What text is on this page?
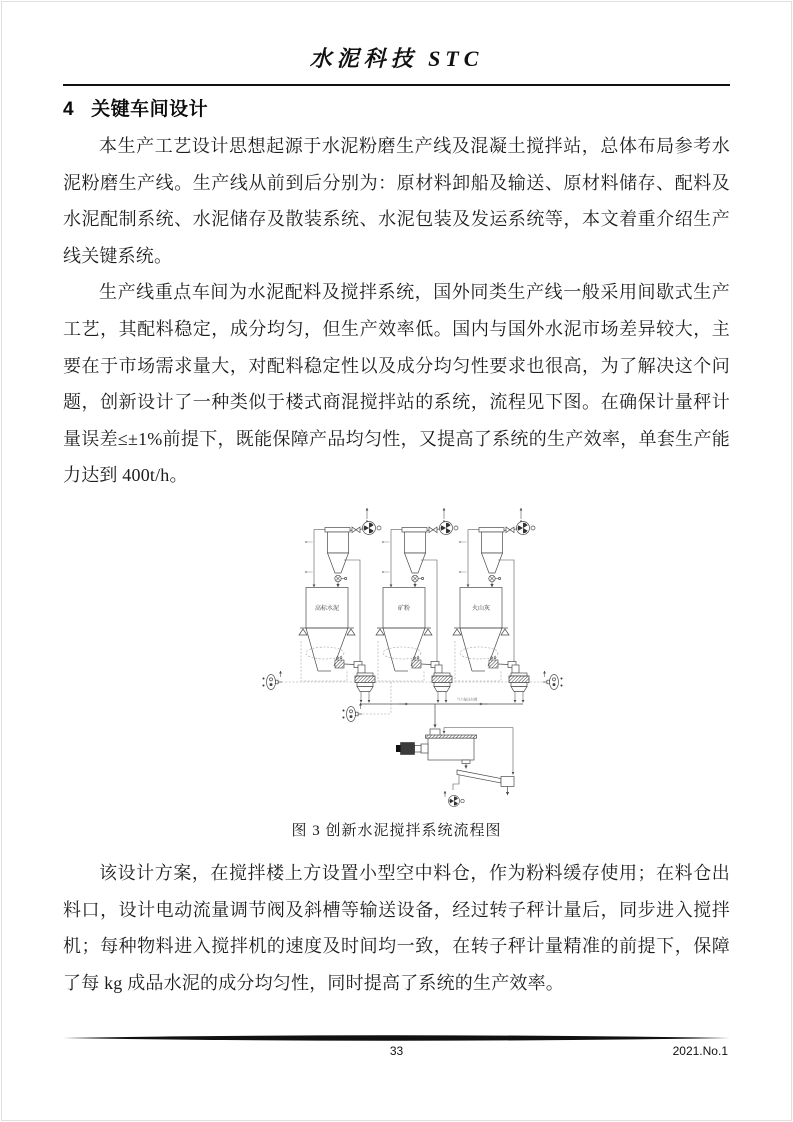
水泥科技 STC
4 关键车间设计

本生产工艺设计思想起源于水泥粉磨生产线及混凝土搅拌站，总体布局参考水泥粉磨生产线。生产线从前到后分别为：原材料卸船及输送、原材料储存、配料及水泥配制系统、水泥储存及散装系统、水泥包装及发运系统等，本文着重介绍生产线关键系统。

生产线重点车间为水泥配料及搅拌系统，国外同类生产线一般采用间歇式生产工艺，其配料稳定，成分均匀，但生产效率低。国内与国外水泥市场差异较大，主要在于市场需求量大，对配料稳定性以及成分均匀性要求也很高，为了解决这个问题，创新设计了一种类似于楼式商混搅拌站的系统，流程见下图。在确保计量秤计量误差≤±1%前提下，既能保障产品均匀性，又提高了系统的生产效率，单套生产能力达到 400t/h。

高标水泥	矿粉	火山灰
气力输送斜槽
图 3 创新水泥搅拌系统流程图

该设计方案，在搅拌楼上方设置小型空中料仓，作为粉料缓存使用；在料仓出料口，设计电动流量调节阀及斜槽等输送设备，经过转子秤计量后，同步进入搅拌机；每种物料进入搅拌机的速度及时间均一致，在转子秤计量精准的前提下，保障了每 kg 成品水泥的成分均匀性，同时提高了系统的生产效率。

33	2021.No.1
